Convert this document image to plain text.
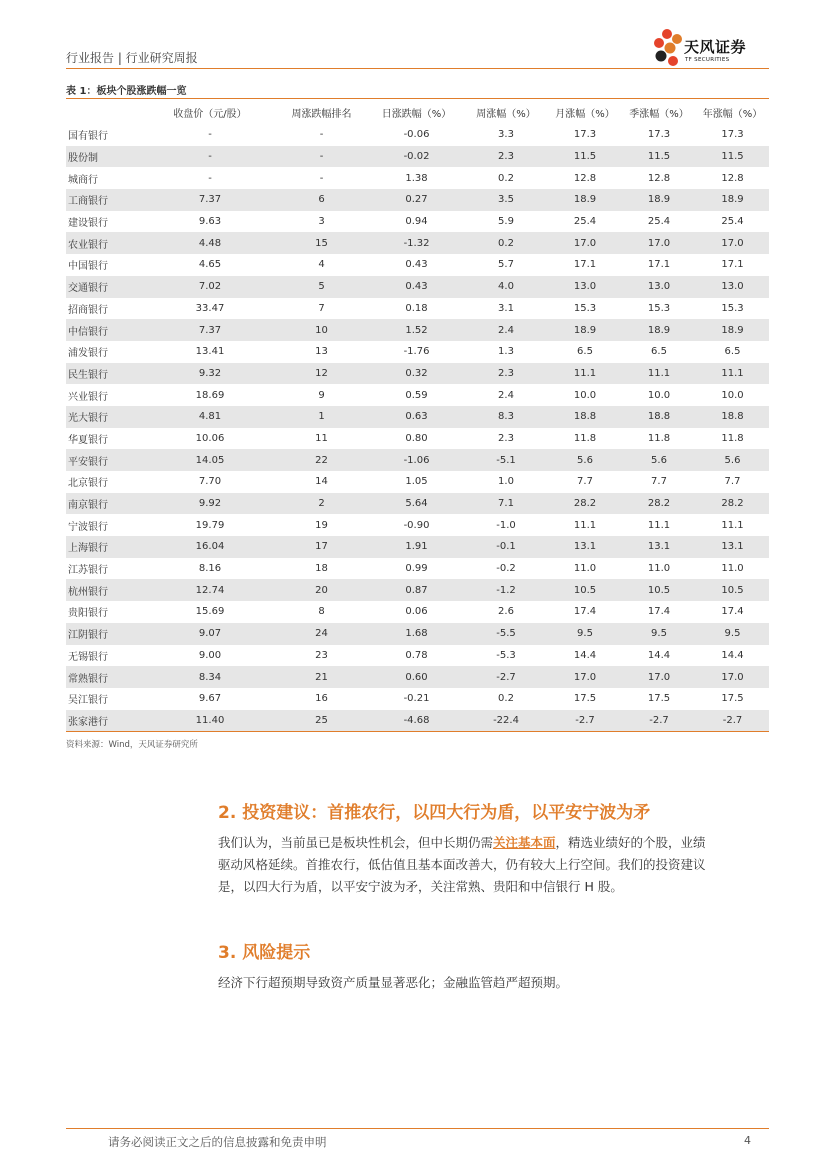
行业报告 | 行业研究周报
天风证券
TF SECURITIES
表 1：板块个股涨跌幅一览
	收盘价（元/股）	周涨跌幅排名	日涨跌幅（%）	周涨幅（%）	月涨幅（%）	季涨幅（%）	年涨幅（%）
国有银行	-	-	-0.06	3.3	17.3	17.3	17.3
股份制	-	-	-0.02	2.3	11.5	11.5	11.5
城商行	-	-	1.38	0.2	12.8	12.8	12.8
工商银行	7.37	6	0.27	3.5	18.9	18.9	18.9
建设银行	9.63	3	0.94	5.9	25.4	25.4	25.4
农业银行	4.48	15	-1.32	0.2	17.0	17.0	17.0
中国银行	4.65	4	0.43	5.7	17.1	17.1	17.1
交通银行	7.02	5	0.43	4.0	13.0	13.0	13.0
招商银行	33.47	7	0.18	3.1	15.3	15.3	15.3
中信银行	7.37	10	1.52	2.4	18.9	18.9	18.9
浦发银行	13.41	13	-1.76	1.3	6.5	6.5	6.5
民生银行	9.32	12	0.32	2.3	11.1	11.1	11.1
兴业银行	18.69	9	0.59	2.4	10.0	10.0	10.0
光大银行	4.81	1	0.63	8.3	18.8	18.8	18.8
华夏银行	10.06	11	0.80	2.3	11.8	11.8	11.8
平安银行	14.05	22	-1.06	-5.1	5.6	5.6	5.6
北京银行	7.70	14	1.05	1.0	7.7	7.7	7.7
南京银行	9.92	2	5.64	7.1	28.2	28.2	28.2
宁波银行	19.79	19	-0.90	-1.0	11.1	11.1	11.1
上海银行	16.04	17	1.91	-0.1	13.1	13.1	13.1
江苏银行	8.16	18	0.99	-0.2	11.0	11.0	11.0
杭州银行	12.74	20	0.87	-1.2	10.5	10.5	10.5
贵阳银行	15.69	8	0.06	2.6	17.4	17.4	17.4
江阴银行	9.07	24	1.68	-5.5	9.5	9.5	9.5
无锡银行	9.00	23	0.78	-5.3	14.4	14.4	14.4
常熟银行	8.34	21	0.60	-2.7	17.0	17.0	17.0
吴江银行	9.67	16	-0.21	0.2	17.5	17.5	17.5
张家港行	11.40	25	-4.68	-22.4	-2.7	-2.7	-2.7
资料来源：Wind，天风证券研究所
2. 投资建议：首推农行，以四大行为盾，以平安宁波为矛

我们认为，当前虽已是板块性机会，但中长期仍需关注基本面，精选业绩好的个股，业绩

驱动风格延续。首推农行，低估值且基本面改善大，仍有较大上行空间。我们的投资建议

是，以四大行为盾，以平安宁波为矛，关注常熟、贵阳和中信银行 H 股。

3. 风险提示

经济下行超预期导致资产质量显著恶化；金融监管趋严超预期。

请务必阅读正文之后的信息披露和免责申明	4
